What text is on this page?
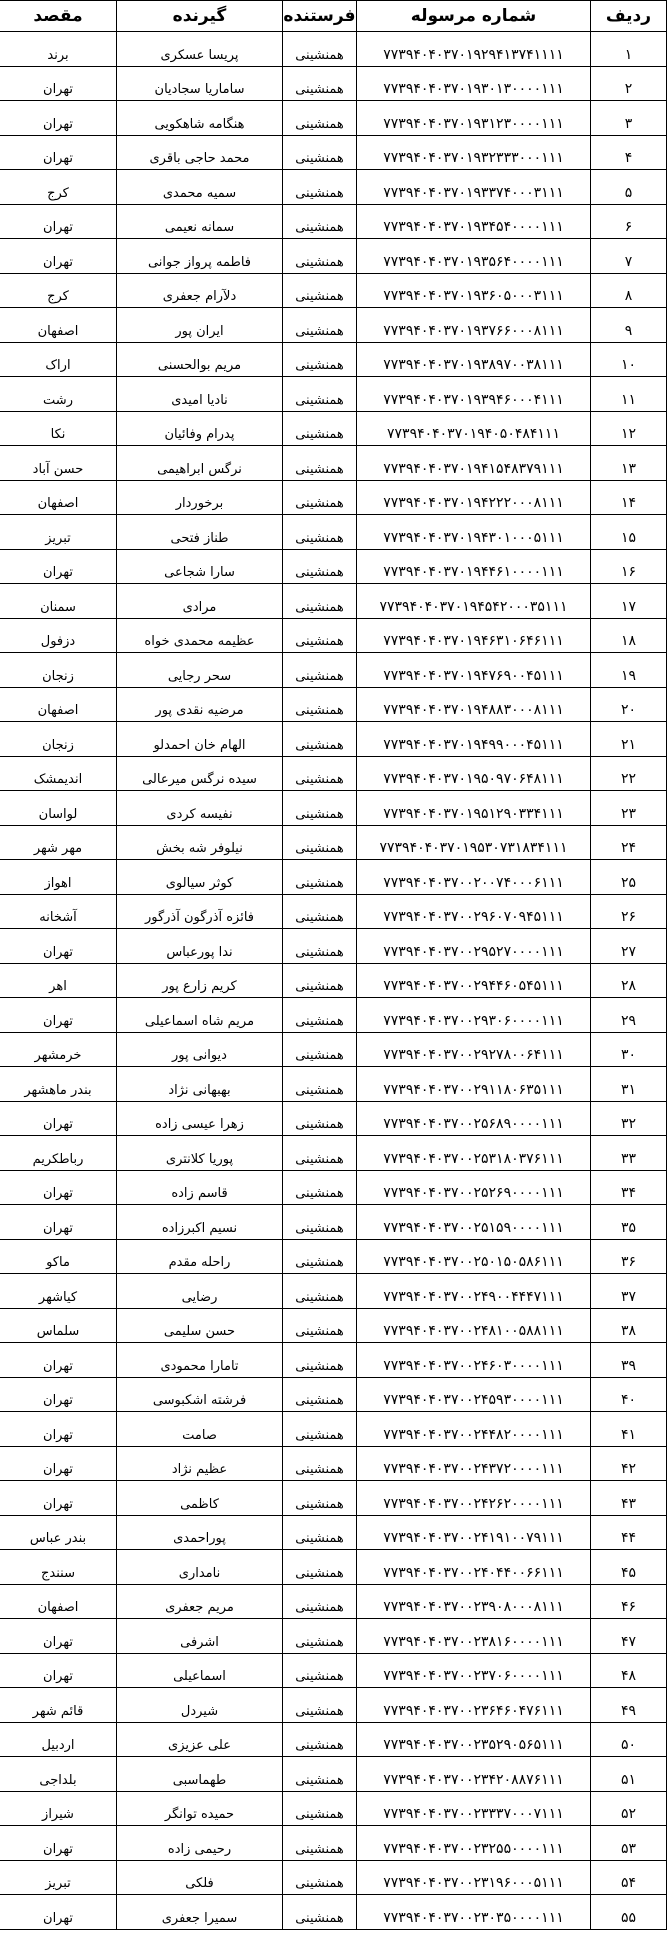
ردیف	شماره مرسوله	فرستنده	گیرنده	مقصد
۱	۷۷۳۹۴۰۴۰۳۷۰۱۹۲۹۴۱۳۷۴۱۱۱۱	همنشینی	پریسا عسکری	برند
۲	۷۷۳۹۴۰۴۰۳۷۰۱۹۳۰۱۳۰۰۰۰۱۱۱	همنشینی	ساماریا سجادیان	تهران
۳	۷۷۳۹۴۰۴۰۳۷۰۱۹۳۱۲۳۰۰۰۰۱۱۱	همنشینی	هنگامه شاهکویی	تهران
۴	۷۷۳۹۴۰۴۰۳۷۰۱۹۳۲۳۳۳۰۰۰۱۱۱	همنشینی	محمد حاجی باقری	تهران
۵	۷۷۳۹۴۰۴۰۳۷۰۱۹۳۳۷۴۰۰۰۳۱۱۱	همنشینی	سمیه محمدی	کرج
۶	۷۷۳۹۴۰۴۰۳۷۰۱۹۳۴۵۴۰۰۰۰۱۱۱	همنشینی	سمانه نعیمی	تهران
۷	۷۷۳۹۴۰۴۰۳۷۰۱۹۳۵۶۴۰۰۰۰۱۱۱	همنشینی	فاطمه پرواز جوانی	تهران
۸	۷۷۳۹۴۰۴۰۳۷۰۱۹۳۶۰۵۰۰۰۳۱۱۱	همنشینی	دلآرام جعفری	کرج
۹	۷۷۳۹۴۰۴۰۳۷۰۱۹۳۷۶۶۰۰۰۸۱۱۱	همنشینی	ایران پور	اصفهان
۱۰	۷۷۳۹۴۰۴۰۳۷۰۱۹۳۸۹۷۰۰۳۸۱۱۱	همنشینی	مریم بوالحسنی	اراک
۱۱	۷۷۳۹۴۰۴۰۳۷۰۱۹۳۹۴۶۰۰۰۴۱۱۱	همنشینی	نادیا امیدی	رشت
۱۲	۷۷۳۹۴۰۴۰۳۷۰۱۹۴۰۵۰۴۸۴۱۱۱	همنشینی	پدرام وفائیان	نکا
۱۳	۷۷۳۹۴۰۴۰۳۷۰۱۹۴۱۵۴۸۳۷۹۱۱۱	همنشینی	نرگس ابراهیمی	حسن آباد
۱۴	۷۷۳۹۴۰۴۰۳۷۰۱۹۴۲۲۲۰۰۰۸۱۱۱	همنشینی	برخوردار	اصفهان
۱۵	۷۷۳۹۴۰۴۰۳۷۰۱۹۴۳۰۱۰۰۰۵۱۱۱	همنشینی	طناز فتحی	تبریز
۱۶	۷۷۳۹۴۰۴۰۳۷۰۱۹۴۴۶۱۰۰۰۰۱۱۱	همنشینی	سارا شجاعی	تهران
۱۷	۷۷۳۹۴۰۴۰۳۷۰۱۹۴۵۴۲۰۰۰۳۵۱۱۱	همنشینی	مرادی	سمنان
۱۸	۷۷۳۹۴۰۴۰۳۷۰۱۹۴۶۳۱۰۶۴۶۱۱۱	همنشینی	عظیمه محمدی خواه	دزفول
۱۹	۷۷۳۹۴۰۴۰۳۷۰۱۹۴۷۶۹۰۰۴۵۱۱۱	همنشینی	سحر رجایی	زنجان
۲۰	۷۷۳۹۴۰۴۰۳۷۰۱۹۴۸۸۳۰۰۰۸۱۱۱	همنشینی	مرضیه نقدی پور	اصفهان
۲۱	۷۷۳۹۴۰۴۰۳۷۰۱۹۴۹۹۰۰۰۴۵۱۱۱	همنشینی	الهام خان احمدلو	زنجان
۲۲	۷۷۳۹۴۰۴۰۳۷۰۱۹۵۰۹۷۰۶۴۸۱۱۱	همنشینی	سیده نرگس میرعالی	اندیمشک
۲۳	۷۷۳۹۴۰۴۰۳۷۰۱۹۵۱۲۹۰۳۳۴۱۱۱	همنشینی	نفیسه کردی	لواسان
۲۴	۷۷۳۹۴۰۴۰۳۷۰۱۹۵۳۰۷۳۱۸۳۴۱۱۱	همنشینی	نیلوفر شه بخش	مهر شهر
۲۵	۷۷۳۹۴۰۴۰۳۷۰۰۲۰۰۷۴۰۰۰۶۱۱۱	همنشینی	کوثر سیالوی	اهواز
۲۶	۷۷۳۹۴۰۴۰۳۷۰۰۲۹۶۰۷۰۹۴۵۱۱۱	همنشینی	فائزه آذرگون آذرگور	آشخانه
۲۷	۷۷۳۹۴۰۴۰۳۷۰۰۲۹۵۲۷۰۰۰۰۱۱۱	همنشینی	ندا پورعباس	تهران
۲۸	۷۷۳۹۴۰۴۰۳۷۰۰۲۹۴۴۶۰۵۴۵۱۱۱	همنشینی	کریم زارع پور	اهر
۲۹	۷۷۳۹۴۰۴۰۳۷۰۰۲۹۳۰۶۰۰۰۰۱۱۱	همنشینی	مریم شاه اسماعیلی	تهران
۳۰	۷۷۳۹۴۰۴۰۳۷۰۰۲۹۲۷۸۰۰۶۴۱۱۱	همنشینی	دیوانی پور	خرمشهر
۳۱	۷۷۳۹۴۰۴۰۳۷۰۰۲۹۱۱۸۰۶۳۵۱۱۱	همنشینی	بهبهانی نژاد	بندر ماهشهر
۳۲	۷۷۳۹۴۰۴۰۳۷۰۰۲۵۶۸۹۰۰۰۰۱۱۱	همنشینی	زهرا عیسی زاده	تهران
۳۳	۷۷۳۹۴۰۴۰۳۷۰۰۲۵۳۱۸۰۳۷۶۱۱۱	همنشینی	پوریا کلانتری	رباطکریم
۳۴	۷۷۳۹۴۰۴۰۳۷۰۰۲۵۲۶۹۰۰۰۰۱۱۱	همنشینی	قاسم زاده	تهران
۳۵	۷۷۳۹۴۰۴۰۳۷۰۰۲۵۱۵۹۰۰۰۰۱۱۱	همنشینی	نسیم اکبرزاده	تهران
۳۶	۷۷۳۹۴۰۴۰۳۷۰۰۲۵۰۱۵۰۵۸۶۱۱۱	همنشینی	راحله مقدم	ماکو
۳۷	۷۷۳۹۴۰۴۰۳۷۰۰۲۴۹۰۰۴۴۴۷۱۱۱	همنشینی	رضایی	کیاشهر
۳۸	۷۷۳۹۴۰۴۰۳۷۰۰۲۴۸۱۰۰۵۸۸۱۱۱	همنشینی	حسن سلیمی	سلماس
۳۹	۷۷۳۹۴۰۴۰۳۷۰۰۲۴۶۰۳۰۰۰۰۱۱۱	همنشینی	تامارا محمودی	تهران
۴۰	۷۷۳۹۴۰۴۰۳۷۰۰۲۴۵۹۳۰۰۰۰۱۱۱	همنشینی	فرشته اشکبوسی	تهران
۴۱	۷۷۳۹۴۰۴۰۳۷۰۰۲۴۴۸۲۰۰۰۰۱۱۱	همنشینی	صامت	تهران
۴۲	۷۷۳۹۴۰۴۰۳۷۰۰۲۴۳۷۲۰۰۰۰۱۱۱	همنشینی	عظیم نژاد	تهران
۴۳	۷۷۳۹۴۰۴۰۳۷۰۰۲۴۲۶۲۰۰۰۰۱۱۱	همنشینی	کاظمی	تهران
۴۴	۷۷۳۹۴۰۴۰۳۷۰۰۲۴۱۹۱۰۰۷۹۱۱۱	همنشینی	پوراحمدی	بندر عباس
۴۵	۷۷۳۹۴۰۴۰۳۷۰۰۲۴۰۴۴۰۰۶۶۱۱۱	همنشینی	نامداری	سنندج
۴۶	۷۷۳۹۴۰۴۰۳۷۰۰۲۳۹۰۸۰۰۰۸۱۱۱	همنشینی	مریم جعفری	اصفهان
۴۷	۷۷۳۹۴۰۴۰۳۷۰۰۲۳۸۱۶۰۰۰۰۱۱۱	همنشینی	اشرفی	تهران
۴۸	۷۷۳۹۴۰۴۰۳۷۰۰۲۳۷۰۶۰۰۰۰۱۱۱	همنشینی	اسماعیلی	تهران
۴۹	۷۷۳۹۴۰۴۰۳۷۰۰۲۳۶۴۶۰۴۷۶۱۱۱	همنشینی	شیردل	قائم شهر
۵۰	۷۷۳۹۴۰۴۰۳۷۰۰۲۳۵۲۹۰۵۶۵۱۱۱	همنشینی	علی عزیزی	اردبیل
۵۱	۷۷۳۹۴۰۴۰۳۷۰۰۲۳۴۲۰۸۸۷۶۱۱۱	همنشینی	طهماسبی	بلداجی
۵۲	۷۷۳۹۴۰۴۰۳۷۰۰۲۳۳۳۷۰۰۰۷۱۱۱	همنشینی	حمیده توانگر	شیراز
۵۳	۷۷۳۹۴۰۴۰۳۷۰۰۲۳۲۵۵۰۰۰۰۱۱۱	همنشینی	رحیمی زاده	تهران
۵۴	۷۷۳۹۴۰۴۰۳۷۰۰۲۳۱۹۶۰۰۰۵۱۱۱	همنشینی	فلکی	تبریز
۵۵	۷۷۳۹۴۰۴۰۳۷۰۰۲۳۰۳۵۰۰۰۰۱۱۱	همنشینی	سمیرا جعفری	تهران
